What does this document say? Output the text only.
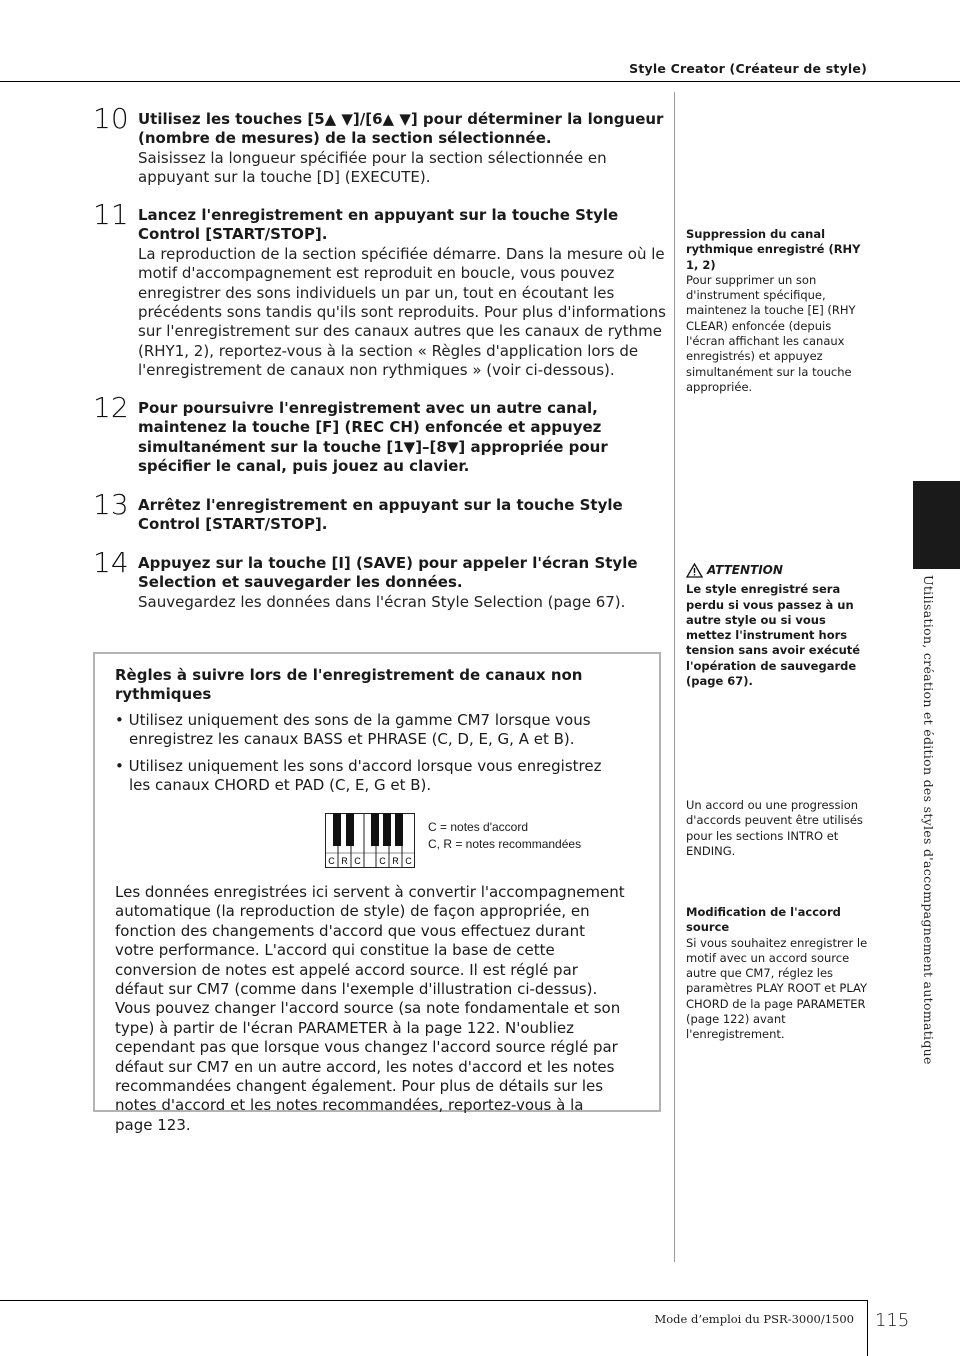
Style Creator (Créateur de style)
10 Utilisez les touches [5▲ ▼]/[6▲ ▼] pour déterminer la longueur (nombre de mesures) de la section sélectionnée.
Saisissez la longueur spécifiée pour la section sélectionnée en appuyant sur la touche [D] (EXECUTE).
11 Lancez l'enregistrement en appuyant sur la touche Style Control [START/STOP].
La reproduction de la section spécifiée démarre. Dans la mesure où le motif d'accompagnement est reproduit en boucle, vous pouvez enregistrer des sons individuels un par un, tout en écoutant les précédents sons tandis qu'ils sont reproduits. Pour plus d'informations sur l'enregistrement sur des canaux autres que les canaux de rythme (RHY1, 2), reportez-vous à la section « Règles d'application lors de l'enregistrement de canaux non rythmiques » (voir ci-dessous).
12 Pour poursuivre l'enregistrement avec un autre canal, maintenez la touche [F] (REC CH) enfoncée et appuyez simultanément sur la touche [1▼]–[8▼] appropriée pour spécifier le canal, puis jouez au clavier.
13 Arrêtez l'enregistrement en appuyant sur la touche Style Control [START/STOP].
14 Appuyez sur la touche [I] (SAVE) pour appeler l'écran Style Selection et sauvegarder les données.
Sauvegardez les données dans l'écran Style Selection (page 67).
Règles à suivre lors de l'enregistrement de canaux non rythmiques
• Utilisez uniquement des sons de la gamme CM7 lorsque vous enregistrez les canaux BASS et PHRASE (C, D, E, G, A et B).
• Utilisez uniquement les sons d'accord lorsque vous enregistrez les canaux CHORD et PAD (C, E, G et B).
Les données enregistrées ici servent à convertir l'accompagnement automatique (la reproduction de style) de façon appropriée, en fonction des changements d'accord que vous effectuez durant votre performance. L'accord qui constitue la base de cette conversion de notes est appelé accord source. Il est réglé par défaut sur CM7 (comme dans l'exemple d'illustration ci-dessus). Vous pouvez changer l'accord source (sa note fondamentale et son type) à partir de l'écran PARAMETER à la page 122. N'oubliez cependant pas que lorsque vous changez l'accord source réglé par défaut sur CM7 en un autre accord, les notes d'accord et les notes recommandées changent également. Pour plus de détails sur les notes d'accord et les notes recommandées, reportez-vous à la page 123.
C R C C R C
C = notes d'accord
C, R = notes recommandées
Suppression du canal rythmique enregistré (RHY 1, 2)
Pour supprimer un son d'instrument spécifique, maintenez la touche [E] (RHY CLEAR) enfoncée (depuis l'écran affichant les canaux enregistrés) et appuyez simultanément sur la touche appropriée.
ATTENTION
Le style enregistré sera perdu si vous passez à un autre style ou si vous mettez l'instrument hors tension sans avoir exécuté l'opération de sauvegarde (page 67).
Un accord ou une progression d'accords peuvent être utilisés pour les sections INTRO et ENDING.
Modification de l'accord source
Si vous souhaitez enregistrer le motif avec un accord source autre que CM7, réglez les paramètres PLAY ROOT et PLAY CHORD de la page PARAMETER (page 122) avant l'enregistrement.	Utilisation, création et édition des styles d'accompagnement automatique
Mode d’emploi du PSR-3000/1500 115
